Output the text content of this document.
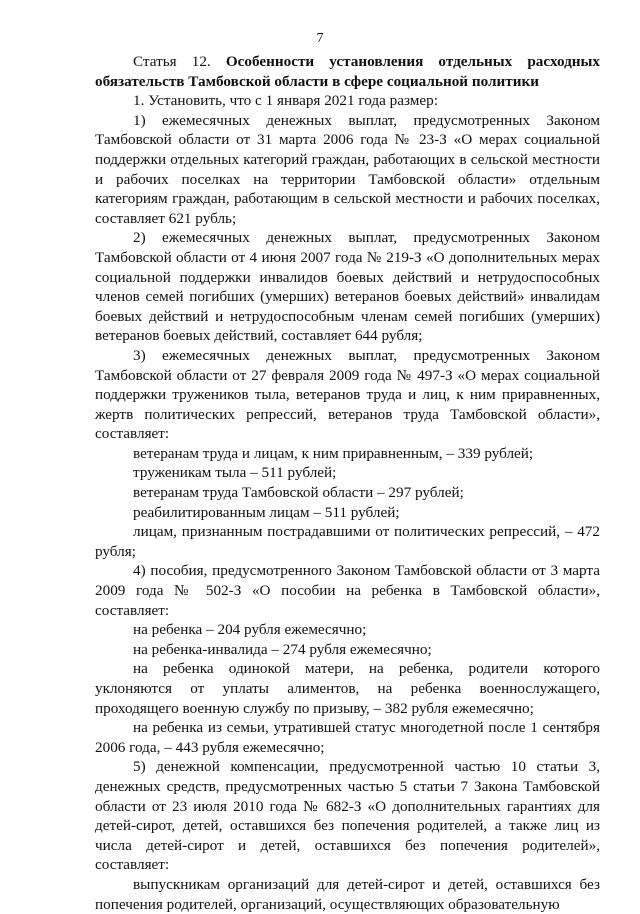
7

Статья 12. Особенности установления отдельных расходных обязательств Тамбовской области в сфере социальной политики

1. Установить, что с 1 января 2021 года размер:

1) ежемесячных денежных выплат, предусмотренных Законом Тамбовской области от 31 марта 2006 года № 23-З «О мерах социальной поддержки отдельных категорий граждан, работающих в сельской местности и рабочих поселках на территории Тамбовской области» отдельным категориям граждан, работающим в сельской местности и рабочих поселках, составляет 621 рубль;

2) ежемесячных денежных выплат, предусмотренных Законом Тамбовской области от 4 июня 2007 года № 219-З «О дополнительных мерах социальной поддержки инвалидов боевых действий и нетрудоспособных членов семей погибших (умерших) ветеранов боевых действий» инвалидам боевых действий и нетрудоспособным членам семей погибших (умерших) ветеранов боевых действий, составляет 644 рубля;

3) ежемесячных денежных выплат, предусмотренных Законом Тамбовской области от 27 февраля 2009 года № 497-З «О мерах социальной поддержки тружеников тыла, ветеранов труда и лиц, к ним приравненных, жертв политических репрессий, ветеранов труда Тамбовской области», составляет:

ветеранам труда и лицам, к ним приравненным, – 339 рублей;

труженикам тыла – 511 рублей;

ветеранам труда Тамбовской области – 297 рублей;

реабилитированным лицам – 511 рублей;

лицам, признанным пострадавшими от политических репрессий, – 472 рубля;

4) пособия, предусмотренного Законом Тамбовской области от 3 марта 2009 года № 502-З «О пособии на ребенка в Тамбовской области», составляет:

на ребенка – 204 рубля ежемесячно;

на ребенка-инвалида – 274 рубля ежемесячно;

на ребенка одинокой матери, на ребенка, родители которого уклоняются от уплаты алиментов, на ребенка военнослужащего, проходящего военную службу по призыву, – 382 рубля ежемесячно;

на ребенка из семьи, утратившей статус многодетной после 1 сентября 2006 года, – 443 рубля ежемесячно;

5) денежной компенсации, предусмотренной частью 10 статьи 3, денежных средств, предусмотренных частью 5 статьи 7 Закона Тамбовской области от 23 июля 2010 года № 682-З «О дополнительных гарантиях для детей-сирот, детей, оставшихся без попечения родителей, а также лиц из числа детей-сирот и детей, оставшихся без попечения родителей», составляет:

выпускникам организаций для детей-сирот и детей, оставшихся без попечения родителей, организаций, осуществляющих образовательную
